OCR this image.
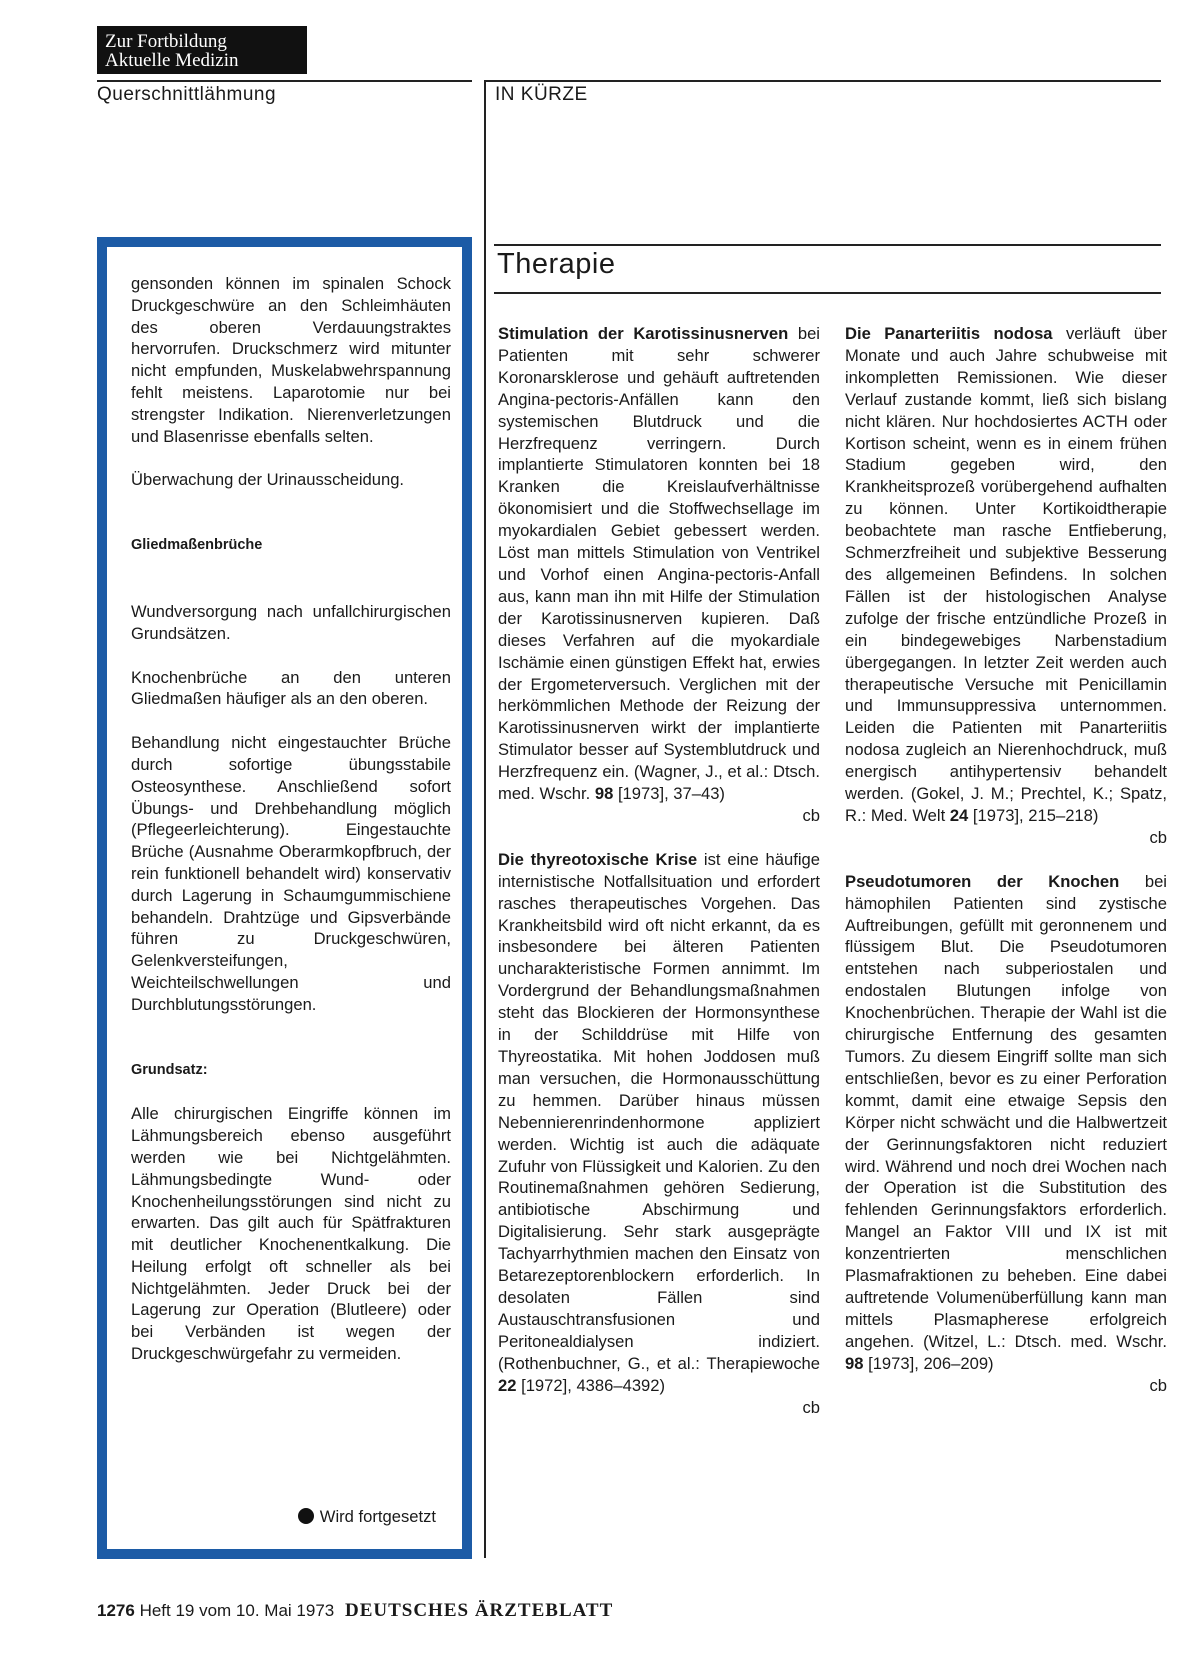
Zur Fortbildung
Aktuelle Medizin
Querschnittlähmung	IN KÜRZE

gensonden können im spinalen Schock Druckgeschwüre an den Schleimhäuten des oberen Verdauungstraktes hervorrufen. Druckschmerz wird mitunter nicht empfunden, Muskelabwehrspannung fehlt meistens. Laparotomie nur bei strengster Indikation. Nierenverletzungen und Blasenrisse ebenfalls selten.

Überwachung der Urinausscheidung.

Gliedmaßenbrüche

Wundversorgung nach unfallchirurgischen Grundsätzen.

Knochenbrüche an den unteren Gliedmaßen häufiger als an den oberen.

Behandlung nicht eingestauchter Brüche durch sofortige übungsstabile Osteosynthese. Anschließend sofort Übungs- und Drehbehandlung möglich (Pflegeerleichterung). Eingestauchte Brüche (Ausnahme Oberarmkopfbruch, der rein funktionell behandelt wird) konservativ durch Lagerung in Schaumgummischiene behandeln. Drahtzüge und Gipsverbände führen zu Druckgeschwüren, Gelenkversteifungen, Weichteilschwellungen und Durchblutungsstörungen.

Grundsatz:

Alle chirurgischen Eingriffe können im Lähmungsbereich ebenso ausgeführt werden wie bei Nichtgelähmten. Lähmungsbedingte Wund- oder Knochenheilungsstörungen sind nicht zu erwarten. Das gilt auch für Spätfrakturen mit deutlicher Knochenentkalkung. Die Heilung erfolgt oft schneller als bei Nichtgelähmten. Jeder Druck bei der Lagerung zur Operation (Blutleere) oder bei Verbänden ist wegen der Druckgeschwürgefahr zu vermeiden.

Wird fortgesetzt
Therapie

Stimulation der Karotissinusnerven bei Patienten mit sehr schwerer Koronarsklerose und gehäuft auftretenden Angina-pectoris-Anfällen kann den systemischen Blutdruck und die Herzfrequenz verringern. Durch implantierte Stimulatoren konnten bei 18 Kranken die Kreislaufverhältnisse ökonomisiert und die Stoffwechsellage im myokardialen Gebiet gebessert werden. Löst man mittels Stimulation von Ventrikel und Vorhof einen Angina-pectoris-Anfall aus, kann man ihn mit Hilfe der Stimulation der Karotissinusnerven kupieren. Daß dieses Verfahren auf die myokardiale Ischämie einen günstigen Effekt hat, erwies der Ergometerversuch. Verglichen mit der herkömmlichen Methode der Reizung der Karotissinusnerven wirkt der implantierte Stimulator besser auf Systemblutdruck und Herzfrequenz ein. (Wagner, J., et al.: Dtsch. med. Wschr. 98 [1973], 37–43)
cb

Die thyreotoxische Krise ist eine häufige internistische Notfallsituation und erfordert rasches therapeutisches Vorgehen. Das Krankheitsbild wird oft nicht erkannt, da es insbesondere bei älteren Patienten uncharakteristische Formen annimmt. Im Vordergrund der Behandlungsmaßnahmen steht das Blockieren der Hormonsynthese in der Schilddrüse mit Hilfe von Thyreostatika. Mit hohen Joddosen muß man versuchen, die Hormonausschüttung zu hemmen. Darüber hinaus müssen Nebennierenrindenhormone appliziert werden. Wichtig ist auch die adäquate Zufuhr von Flüssigkeit und Kalorien. Zu den Routinemaßnahmen gehören Sedierung, antibiotische Abschirmung und Digitalisierung. Sehr stark ausgeprägte Tachyarrhythmien machen den Einsatz von Betarezeptorenblockern erforderlich. In desolaten Fällen sind Austauschtransfusionen und Peritonealdialysen indiziert. (Rothenbuchner, G., et al.: Therapiewoche 22 [1972], 4386–4392)
cb

Die Panarteriitis nodosa verläuft über Monate und auch Jahre schubweise mit inkompletten Remissionen. Wie dieser Verlauf zustande kommt, ließ sich bislang nicht klären. Nur hochdosiertes ACTH oder Kortison scheint, wenn es in einem frühen Stadium gegeben wird, den Krankheitsprozeß vorübergehend aufhalten zu können. Unter Kortikoidtherapie beobachtete man rasche Entfieberung, Schmerzfreiheit und subjektive Besserung des allgemeinen Befindens. In solchen Fällen ist der histologischen Analyse zufolge der frische entzündliche Prozeß in ein bindegewebiges Narbenstadium übergegangen. In letzter Zeit werden auch therapeutische Versuche mit Penicillamin und Immunsuppressiva unternommen. Leiden die Patienten mit Panarteriitis nodosa zugleich an Nierenhochdruck, muß energisch antihypertensiv behandelt werden. (Gokel, J. M.; Prechtel, K.; Spatz, R.: Med. Welt 24 [1973], 215–218)
cb

Pseudotumoren der Knochen bei hämophilen Patienten sind zystische Auftreibungen, gefüllt mit geronnenem und flüssigem Blut. Die Pseudotumoren entstehen nach subperiostalen und endostalen Blutungen infolge von Knochenbrüchen. Therapie der Wahl ist die chirurgische Entfernung des gesamten Tumors. Zu diesem Eingriff sollte man sich entschließen, bevor es zu einer Perforation kommt, damit eine etwaige Sepsis den Körper nicht schwächt und die Halbwertzeit der Gerinnungsfaktoren nicht reduziert wird. Während und noch drei Wochen nach der Operation ist die Substitution des fehlenden Gerinnungsfaktors erforderlich. Mangel an Faktor VIII und IX ist mit konzentrierten menschlichen Plasmafraktionen zu beheben. Eine dabei auftretende Volumenüberfüllung kann man mittels Plasmapherese erfolgreich angehen. (Witzel, L.: Dtsch. med. Wschr. 98 [1973], 206–209)
cb

1276 Heft 19 vom 10. Mai 1973 DEUTSCHES ÄRZTEBLATT
